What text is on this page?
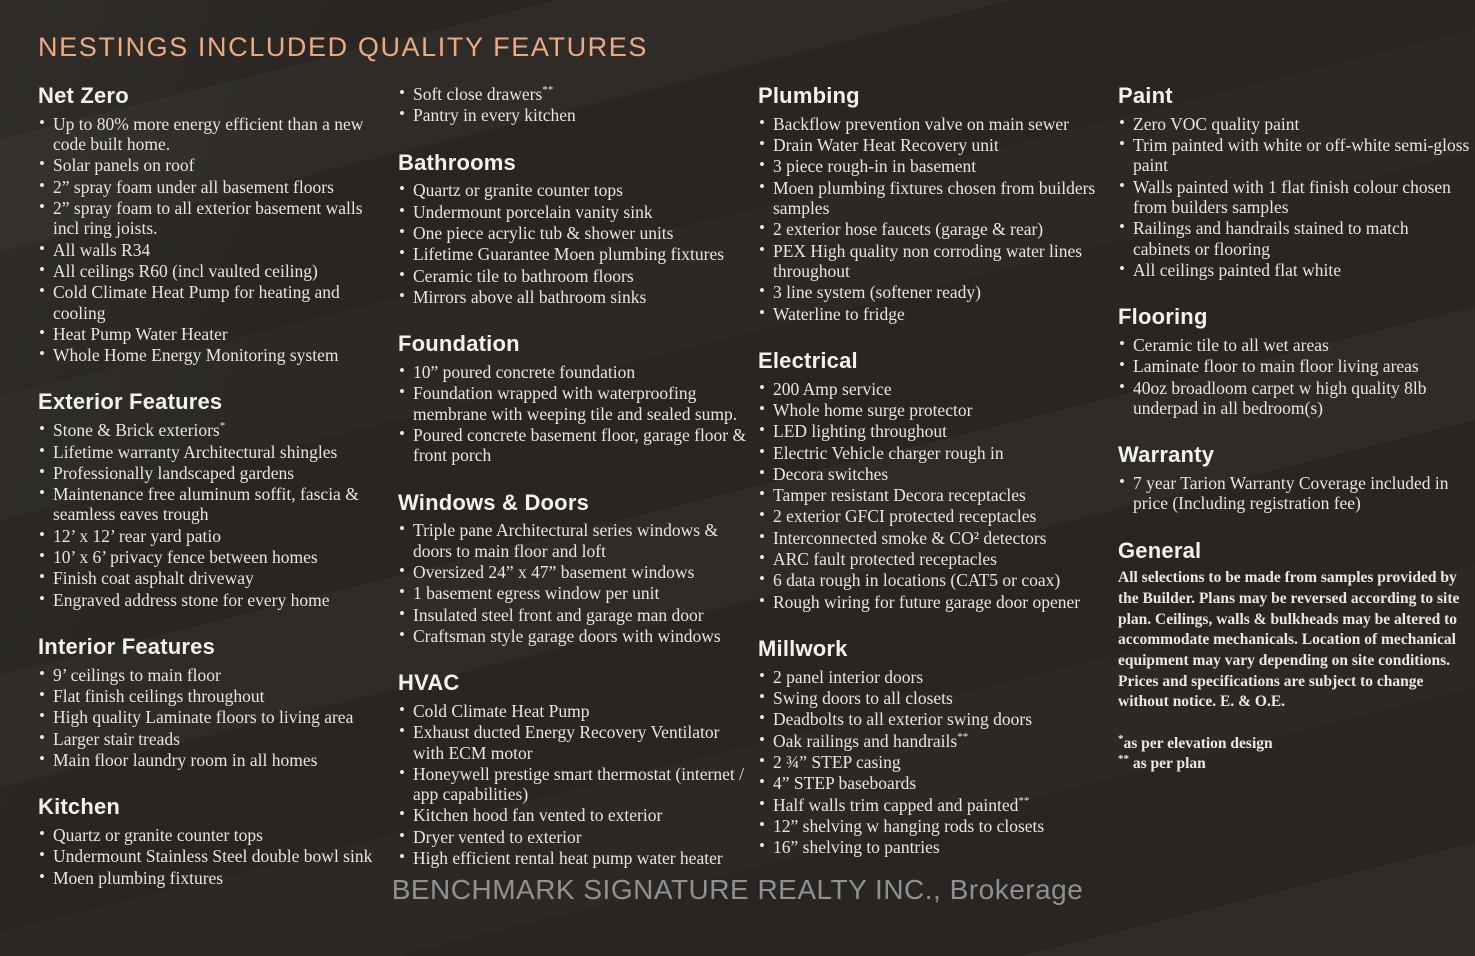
NESTINGS INCLUDED QUALITY FEATURES
Net Zero
• Up to 80% more energy efficient than a new code built home.
• Solar panels on roof
• 2” spray foam under all basement floors
• 2” spray foam to all exterior basement walls incl ring joists.
• All walls R34
• All ceilings R60 (incl vaulted ceiling)
• Cold Climate Heat Pump for heating and cooling
• Heat Pump Water Heater
• Whole Home Energy Monitoring system
Exterior Features
• Stone & Brick exteriors*
• Lifetime warranty Architectural shingles
• Professionally landscaped gardens
• Maintenance free aluminum soffit, fascia & seamless eaves trough
• 12’ x 12’ rear yard patio
• 10’ x 6’ privacy fence between homes
• Finish coat asphalt driveway
• Engraved address stone for every home
Interior Features
• 9’ ceilings to main floor
• Flat finish ceilings throughout
• High quality Laminate floors to living area
• Larger stair treads
• Main floor laundry room in all homes
Kitchen
• Quartz or granite counter tops
• Undermount Stainless Steel double bowl sink
• Moen plumbing fixtures
• Soft close drawers**
• Pantry in every kitchen
Bathrooms
• Quartz or granite counter tops
• Undermount porcelain vanity sink
• One piece acrylic tub & shower units
• Lifetime Guarantee Moen plumbing fixtures
• Ceramic tile to bathroom floors
• Mirrors above all bathroom sinks
Foundation
• 10” poured concrete foundation
• Foundation wrapped with waterproofing membrane with weeping tile and sealed sump.
• Poured concrete basement floor, garage floor & front porch
Windows & Doors
• Triple pane Architectural series windows & doors to main floor and loft
• Oversized 24” x 47” basement windows
• 1 basement egress window per unit
• Insulated steel front and garage man door
• Craftsman style garage doors with windows
HVAC
• Cold Climate Heat Pump
• Exhaust ducted Energy Recovery Ventilator with ECM motor
• Honeywell prestige smart thermostat (internet / app capabilities)
• Kitchen hood fan vented to exterior
• Dryer vented to exterior
• High efficient rental heat pump water heater
Plumbing
• Backflow prevention valve on main sewer
• Drain Water Heat Recovery unit
• 3 piece rough-in in basement
• Moen plumbing fixtures chosen from builders samples
• 2 exterior hose faucets (garage & rear)
• PEX High quality non corroding water lines throughout
• 3 line system (softener ready)
• Waterline to fridge
Electrical
• 200 Amp service
• Whole home surge protector
• LED lighting throughout
• Electric Vehicle charger rough in
• Decora switches
• Tamper resistant Decora receptacles
• 2 exterior GFCI protected receptacles
• Interconnected smoke & CO² detectors
• ARC fault protected receptacles
• 6 data rough in locations (CAT5 or coax)
• Rough wiring for future garage door opener
Millwork
• 2 panel interior doors
• Swing doors to all closets
• Deadbolts to all exterior swing doors
• Oak railings and handrails**
• 2 ¾” STEP casing
• 4” STEP baseboards
• Half walls trim capped and painted**
• 12” shelving w hanging rods to closets
• 16” shelving to pantries
Paint
• Zero VOC quality paint
• Trim painted with white or off-white semi-gloss paint
• Walls painted with 1 flat finish colour chosen from builders samples
• Railings and handrails stained to match cabinets or flooring
• All ceilings painted flat white
Flooring
• Ceramic tile to all wet areas
• Laminate floor to main floor living areas
• 40oz broadloom carpet w high quality 8lb underpad in all bedroom(s)
Warranty
• 7 year Tarion Warranty Coverage included in price (Including registration fee)
General

All selections to be made from samples provided by the Builder. Plans may be reversed according to site plan. Ceilings, walls & bulkheads may be altered to accommodate mechanicals. Location of mechanical equipment may vary depending on site conditions. Prices and specifications are subject to change without notice. E. & O.E.

*as per elevation design
** as per plan
BENCHMARK SIGNATURE REALTY INC., Brokerage
